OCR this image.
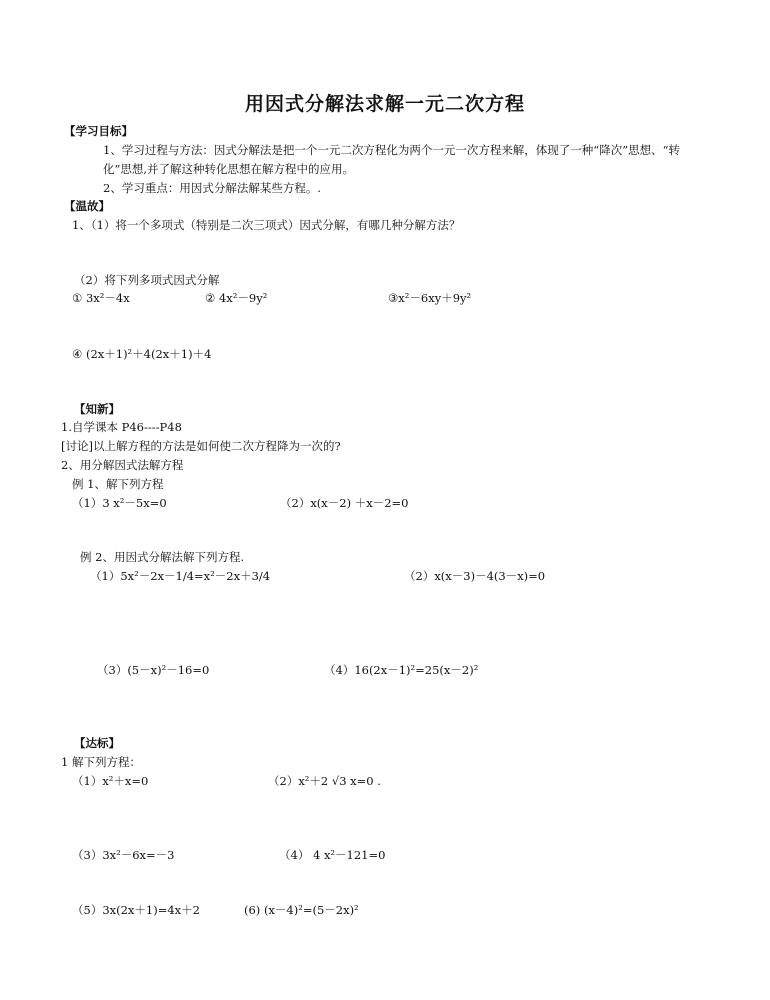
用因式分解法求解一元二次方程
【学习目标】
1、学习过程与方法：因式分解法是把一个一元二次方程化为两个一元一次方程来解，体现了一种“降次”思想、“转化”思想,并了解这种转化思想在解方程中的应用。
2、学习重点：用因式分解法解某些方程。.
【温故】
1、（1）将一个多项式（特别是二次三项式）因式分解，有哪几种分解方法？
（2）将下列多项式因式分解
① 3x²－4x	② 4x²－9y²	③x²－6xy＋9y²
④ (2x＋1)²＋4(2x＋1)＋4
【知新】
1.自学课本 P46----P48
[讨论]以上解方程的方法是如何使二次方程降为一次的?
2、用分解因式法解方程
例 1、解下列方程
（1）3 x²－5x=0	（2）x(x－2) ＋x－2=0
例 2、用因式分解法解下列方程.
（1）5x²－2x－1/4=x²－2x＋3/4	（2）x(x－3)－4(3－x)=0
（3）(5－x)²－16=0	（4）16(2x－1)²=25(x－2)²
【达标】
1 解下列方程：
（1）x²＋x=0	（2）x²＋2 √3 x=0 .
（3）3x²－6x=－3	（4） 4 x²－121=0
（5）3x(2x＋1)=4x＋2	(6) (x－4)²=(5－2x)²
